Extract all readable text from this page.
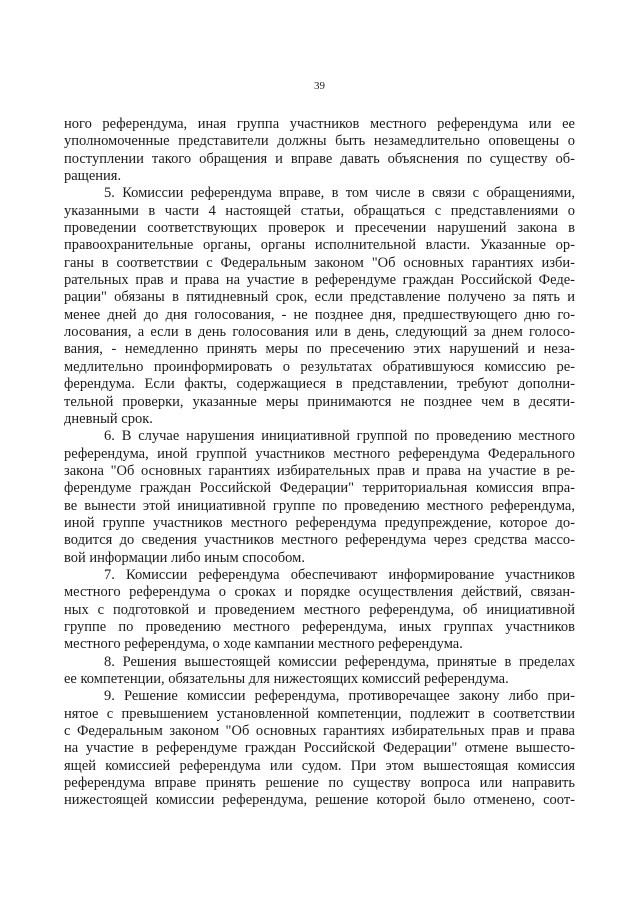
39
ного референдума, иная группа участников местного референдума или ее
уполномоченные представители должны быть незамедлительно оповещены о
поступлении такого обращения и вправе давать объяснения по существу об-
ращения.
5. Комиссии референдума вправе, в том числе в связи с обращениями,
указанными в части 4 настоящей статьи, обращаться с представлениями о
проведении соответствующих проверок и пресечении нарушений закона в
правоохранительные органы, органы исполнительной власти. Указанные ор-
ганы в соответствии с Федеральным законом "Об основных гарантиях изби-
рательных прав и права на участие в референдуме граждан Российской Феде-
рации" обязаны в пятидневный срок, если представление получено за пять и
менее дней до дня голосования, - не позднее дня, предшествующего дню го-
лосования, а если в день голосования или в день, следующий за днем голосо-
вания, - немедленно принять меры по пресечению этих нарушений и неза-
медлительно проинформировать о результатах обратившуюся комиссию ре-
ферендума. Если факты, содержащиеся в представлении, требуют дополни-
тельной проверки, указанные меры принимаются не позднее чем в десяти-
дневный срок.
6. В случае нарушения инициативной группой по проведению местного
референдума, иной группой участников местного референдума Федерального
закона "Об основных гарантиях избирательных прав и права на участие в ре-
ферендуме граждан Российской Федерации" территориальная комиссия впра-
ве вынести этой инициативной группе по проведению местного референдума,
иной группе участников местного референдума предупреждение, которое до-
водится до сведения участников местного референдума через средства массо-
вой информации либо иным способом.
7. Комиссии референдума обеспечивают информирование участников
местного референдума о сроках и порядке осуществления действий, связан-
ных с подготовкой и проведением местного референдума, об инициативной
группе по проведению местного референдума, иных группах участников
местного референдума, о ходе кампании местного референдума.
8. Решения вышестоящей комиссии референдума, принятые в пределах
ее компетенции, обязательны для нижестоящих комиссий референдума.
9. Решение комиссии референдума, противоречащее закону либо при-
нятое с превышением установленной компетенции, подлежит в соответствии
с Федеральным законом "Об основных гарантиях избирательных прав и права
на участие в референдуме граждан Российской Федерации" отмене вышесто-
ящей комиссией референдума или судом. При этом вышестоящая комиссия
референдума вправе принять решение по существу вопроса или направить
нижестоящей комиссии референдума, решение которой было отменено, соот-
